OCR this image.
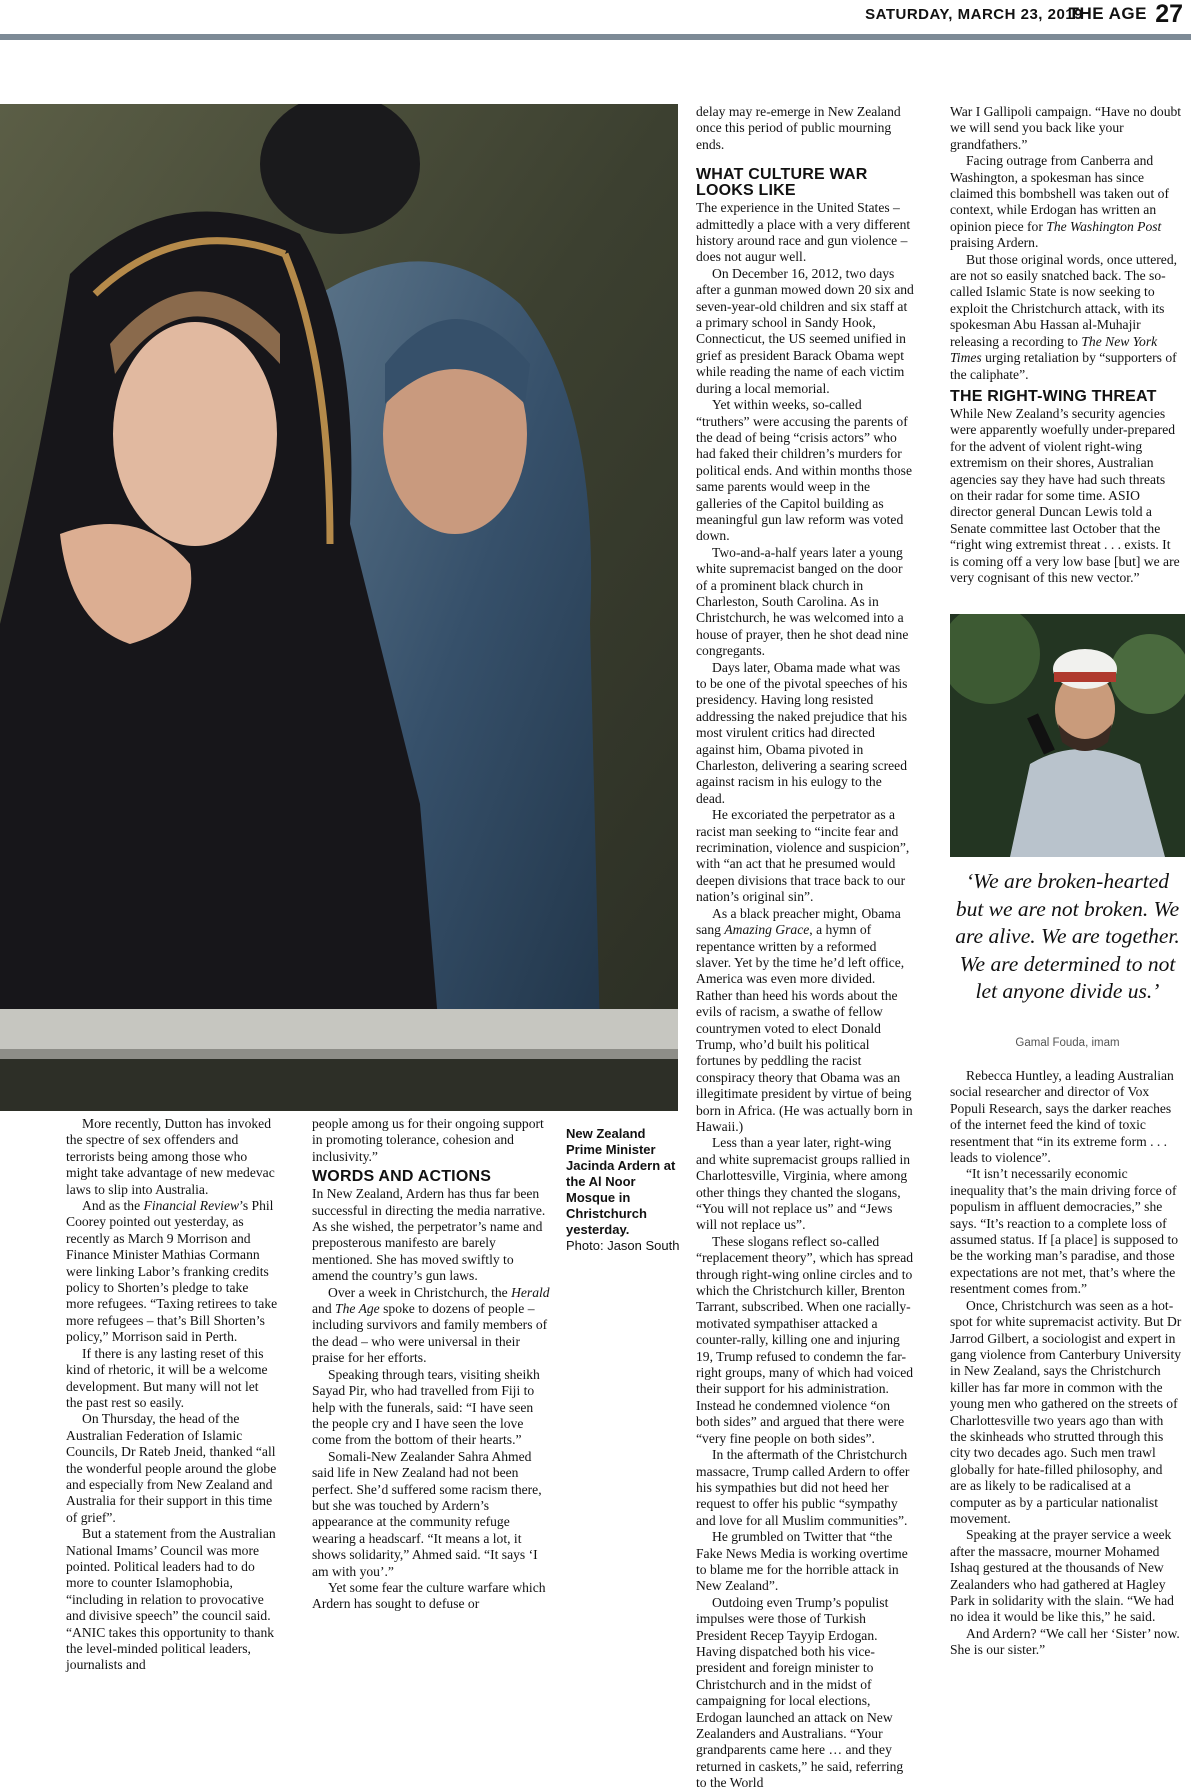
SATURDAY, MARCH 23, 2019
THE AGE 27

More recently, Dutton has invoked the spectre of sex offenders and terrorists being among those who might take advantage of new medevac laws to slip into Australia.

And as the Financial Review’s Phil Coorey pointed out yesterday, as recently as March 9 Morrison and Finance Minister Mathias Cormann were linking Labor’s franking credits policy to Shorten’s pledge to take more refugees. “Taxing retirees to take more refugees – that’s Bill Shorten’s policy,” Morrison said in Perth.

If there is any lasting reset of this kind of rhetoric, it will be a welcome development. But many will not let the past rest so easily.

On Thursday, the head of the Australian Federation of Islamic Councils, Dr Rateb Jneid, thanked “all the wonderful people around the globe and especially from New Zealand and Australia for their support in this time of grief”.

But a statement from the Australian National Imams’ Council was more pointed. Political leaders had to do more to counter Islamophobia, “including in relation to provocative and divisive speech” the council said. “ANIC takes this opportunity to thank the level-minded political leaders, journalists and

people among us for their ongoing support in promoting tolerance, cohesion and inclusivity.”

WORDS AND ACTIONS

In New Zealand, Ardern has thus far been successful in directing the media narrative. As she wished, the perpetrator’s name and preposterous manifesto are barely mentioned. She has moved swiftly to amend the country’s gun laws.

Over a week in Christchurch, the Herald and The Age spoke to dozens of people – including survivors and family members of the dead – who were universal in their praise for her efforts.

Speaking through tears, visiting sheikh Sayad Pir, who had travelled from Fiji to help with the funerals, said: “I have seen the people cry and I have seen the love come from the bottom of their hearts.”

Somali-New Zealander Sahra Ahmed said life in New Zealand had not been perfect. She’d suffered some racism there, but she was touched by Ardern’s appearance at the community refuge wearing a headscarf. “It means a lot, it shows solidarity,” Ahmed said. “It says ‘I am with you’.”

Yet some fear the culture warfare which Ardern has sought to defuse or

New Zealand
Prime Minister
Jacinda Ardern at
the Al Noor
Mosque in
Christchurch
yesterday.
Photo: Jason South

delay may re-emerge in New Zealand once this period of public mourning ends.

WHAT CULTURE WAR LOOKS LIKE

The experience in the United States – admittedly a place with a very different history around race and gun violence – does not augur well.

On December 16, 2012, two days after a gunman mowed down 20 six and seven-year-old children and six staff at a primary school in Sandy Hook, Connecticut, the US seemed unified in grief as president Barack Obama wept while reading the name of each victim during a local memorial.

Yet within weeks, so-called “truthers” were accusing the parents of the dead of being “crisis actors” who had faked their children’s murders for political ends. And within months those same parents would weep in the galleries of the Capitol building as meaningful gun law reform was voted down.

Two-and-a-half years later a young white supremacist banged on the door of a prominent black church in Charleston, South Carolina. As in Christchurch, he was welcomed into a house of prayer, then he shot dead nine congregants.

Days later, Obama made what was to be one of the pivotal speeches of his presidency. Having long resisted addressing the naked prejudice that his most virulent critics had directed against him, Obama pivoted in Charleston, delivering a searing screed against racism in his eulogy to the dead.

He excoriated the perpetrator as a racist man seeking to “incite fear and recrimination, violence and suspicion”, with “an act that he presumed would deepen divisions that trace back to our nation’s original sin”.

As a black preacher might, Obama sang Amazing Grace, a hymn of repentance written by a reformed slaver. Yet by the time he’d left office, America was even more divided. Rather than heed his words about the evils of racism, a swathe of fellow countrymen voted to elect Donald Trump, who’d built his political fortunes by peddling the racist conspiracy theory that Obama was an illegitimate president by virtue of being born in Africa. (He was actually born in Hawaii.)

Less than a year later, right-wing and white supremacist groups rallied in Charlottesville, Virginia, where among other things they chanted the slogans, “You will not replace us” and “Jews will not replace us”.

These slogans reflect so-called “replacement theory”, which has spread through right-wing online circles and to which the Christchurch killer, Brenton Tarrant, subscribed. When one racially-motivated sympathiser attacked a counter-rally, killing one and injuring 19, Trump refused to condemn the far-right groups, many of which had voiced their support for his administration. Instead he condemned violence “on both sides” and argued that there were “very fine people on both sides”.

In the aftermath of the Christchurch massacre, Trump called Ardern to offer his sympathies but did not heed her request to offer his public “sympathy and love for all Muslim communities”.

He grumbled on Twitter that “the Fake News Media is working overtime to blame me for the horrible attack in New Zealand”.

Outdoing even Trump’s populist impulses were those of Turkish President Recep Tayyip Erdogan. Having dispatched both his vice-president and foreign minister to Christchurch and in the midst of campaigning for local elections, Erdogan launched an attack on New Zealanders and Australians. “Your grandparents came here … and they returned in caskets,” he said, referring to the World

War I Gallipoli campaign. “Have no doubt we will send you back like your grandfathers.”

Facing outrage from Canberra and Washington, a spokesman has since claimed this bombshell was taken out of context, while Erdogan has written an opinion piece for The Washington Post praising Ardern.

But those original words, once uttered, are not so easily snatched back. The so-called Islamic State is now seeking to exploit the Christchurch attack, with its spokesman Abu Hassan al-Muhajir releasing a recording to The New York Times urging retaliation by “supporters of the caliphate”.

THE RIGHT-WING THREAT

While New Zealand’s security agencies were apparently woefully under-prepared for the advent of violent right-wing extremism on their shores, Australian agencies say they have had such threats on their radar for some time. ASIO director general Duncan Lewis told a Senate committee last October that the “right wing extremist threat . . . exists. It is coming off a very low base [but] we are very cognisant of this new vector.”

‘We are broken-hearted but we are not broken. We are alive. We are together. We are determined to not let anyone divide us.’
Gamal Fouda, imam

Rebecca Huntley, a leading Australian social researcher and director of Vox Populi Research, says the darker reaches of the internet feed the kind of toxic resentment that “in its extreme form . . . leads to violence”.

“It isn’t necessarily economic inequality that’s the main driving force of populism in affluent democracies,” she says. “It’s reaction to a complete loss of assumed status. If [a place] is supposed to be the working man’s paradise, and those expectations are not met, that’s where the resentment comes from.”

Once, Christchurch was seen as a hot-spot for white supremacist activity. But Dr Jarrod Gilbert, a sociologist and expert in gang violence from Canterbury University in New Zealand, says the Christchurch killer has far more in common with the young men who gathered on the streets of Charlottesville two years ago than with the skinheads who strutted through this city two decades ago. Such men trawl globally for hate-filled philosophy, and are as likely to be radicalised at a computer as by a particular nationalist movement.

Speaking at the prayer service a week after the massacre, mourner Mohamed Ishaq gestured at the thousands of New Zealanders who had gathered at Hagley Park in solidarity with the slain. “We had no idea it would be like this,” he said.

And Ardern? “We call her ‘Sister’ now. She is our sister.”
